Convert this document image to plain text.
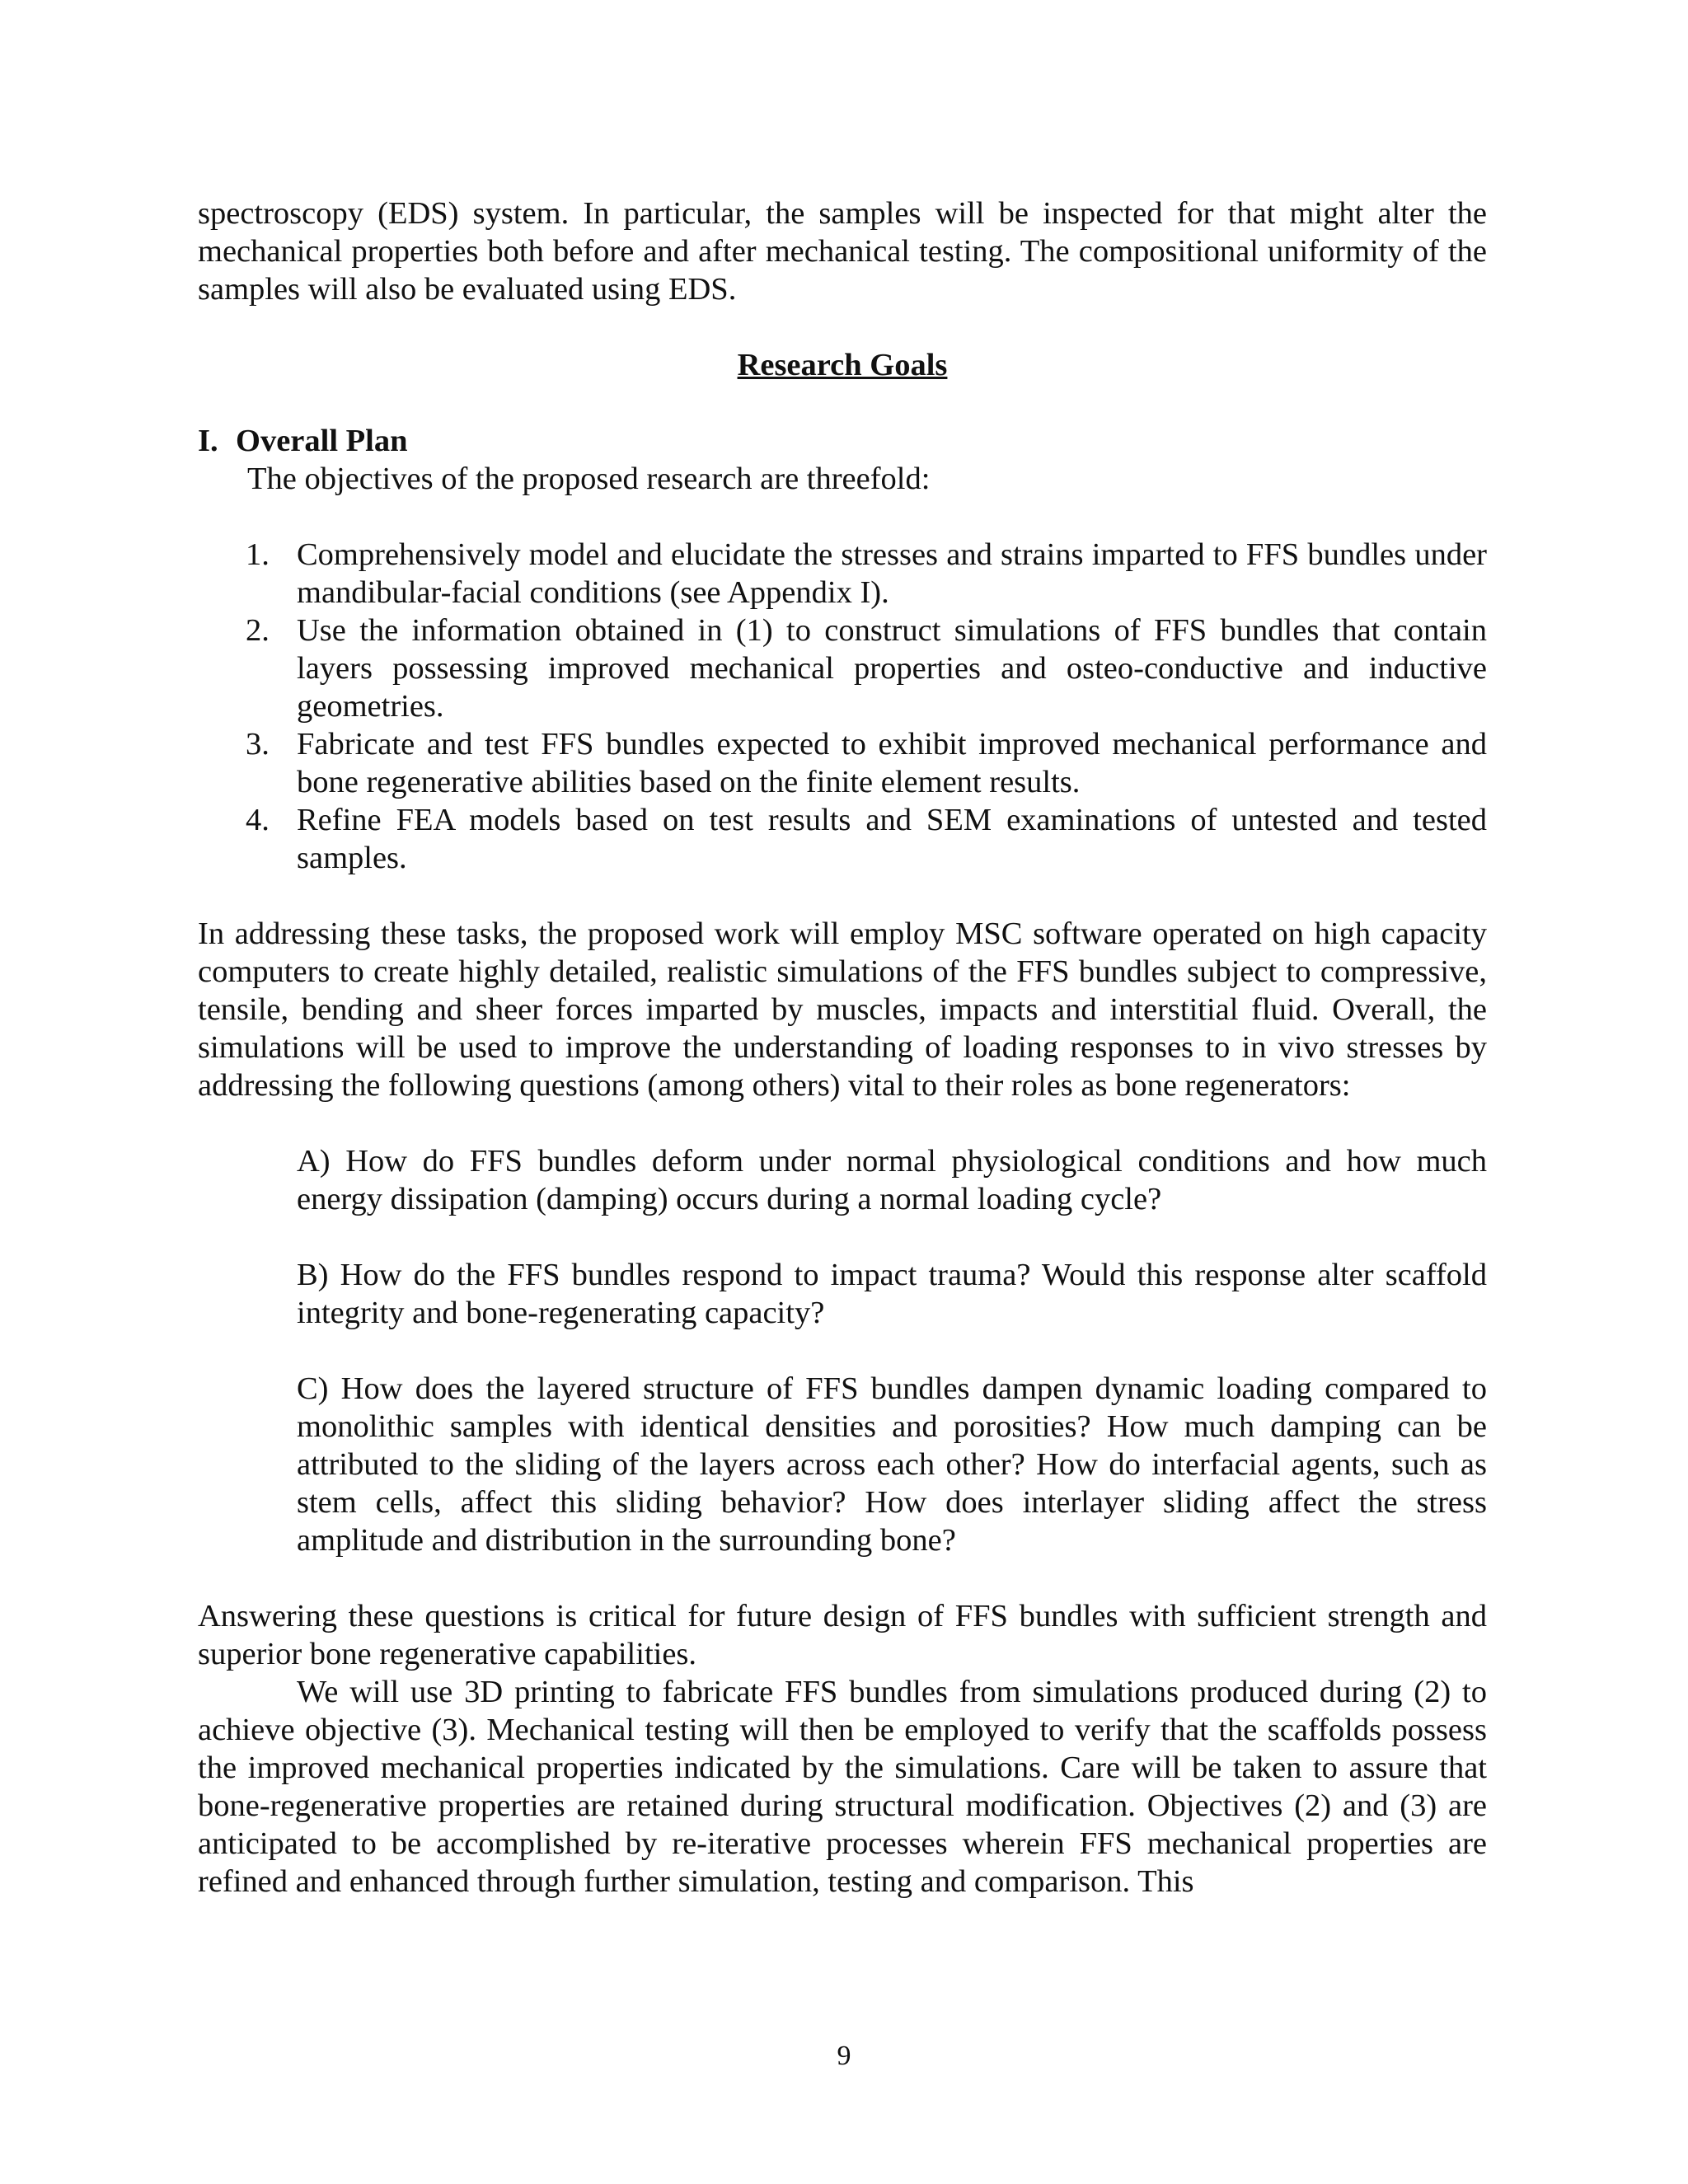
spectroscopy (EDS) system. In particular, the samples will be inspected for that might alter the mechanical properties both before and after mechanical testing. The compositional uniformity of the samples will also be evaluated using EDS.

Research Goals

I. Overall Plan

The objectives of the proposed research are threefold:

1. Comprehensively model and elucidate the stresses and strains imparted to FFS bundles under mandibular-facial conditions (see Appendix I).
2. Use the information obtained in (1) to construct simulations of FFS bundles that contain layers possessing improved mechanical properties and osteo-conductive and inductive geometries.
3. Fabricate and test FFS bundles expected to exhibit improved mechanical performance and bone regenerative abilities based on the finite element results.
4. Refine FEA models based on test results and SEM examinations of untested and tested samples.

In addressing these tasks, the proposed work will employ MSC software operated on high capacity computers to create highly detailed, realistic simulations of the FFS bundles subject to compressive, tensile, bending and sheer forces imparted by muscles, impacts and interstitial fluid. Overall, the simulations will be used to improve the understanding of loading responses to in vivo stresses by addressing the following questions (among others) vital to their roles as bone regenerators:

A) How do FFS bundles deform under normal physiological conditions and how much energy dissipation (damping) occurs during a normal loading cycle?

B) How do the FFS bundles respond to impact trauma? Would this response alter scaffold integrity and bone-regenerating capacity?

C) How does the layered structure of FFS bundles dampen dynamic loading compared to monolithic samples with identical densities and porosities? How much damping can be attributed to the sliding of the layers across each other? How do interfacial agents, such as stem cells, affect this sliding behavior? How does interlayer sliding affect the stress amplitude and distribution in the surrounding bone?

Answering these questions is critical for future design of FFS bundles with sufficient strength and superior bone regenerative capabilities.

We will use 3D printing to fabricate FFS bundles from simulations produced during (2) to achieve objective (3). Mechanical testing will then be employed to verify that the scaffolds possess the improved mechanical properties indicated by the simulations. Care will be taken to assure that bone-regenerative properties are retained during structural modification. Objectives (2) and (3) are anticipated to be accomplished by re-iterative processes wherein FFS mechanical properties are refined and enhanced through further simulation, testing and comparison. This

9
